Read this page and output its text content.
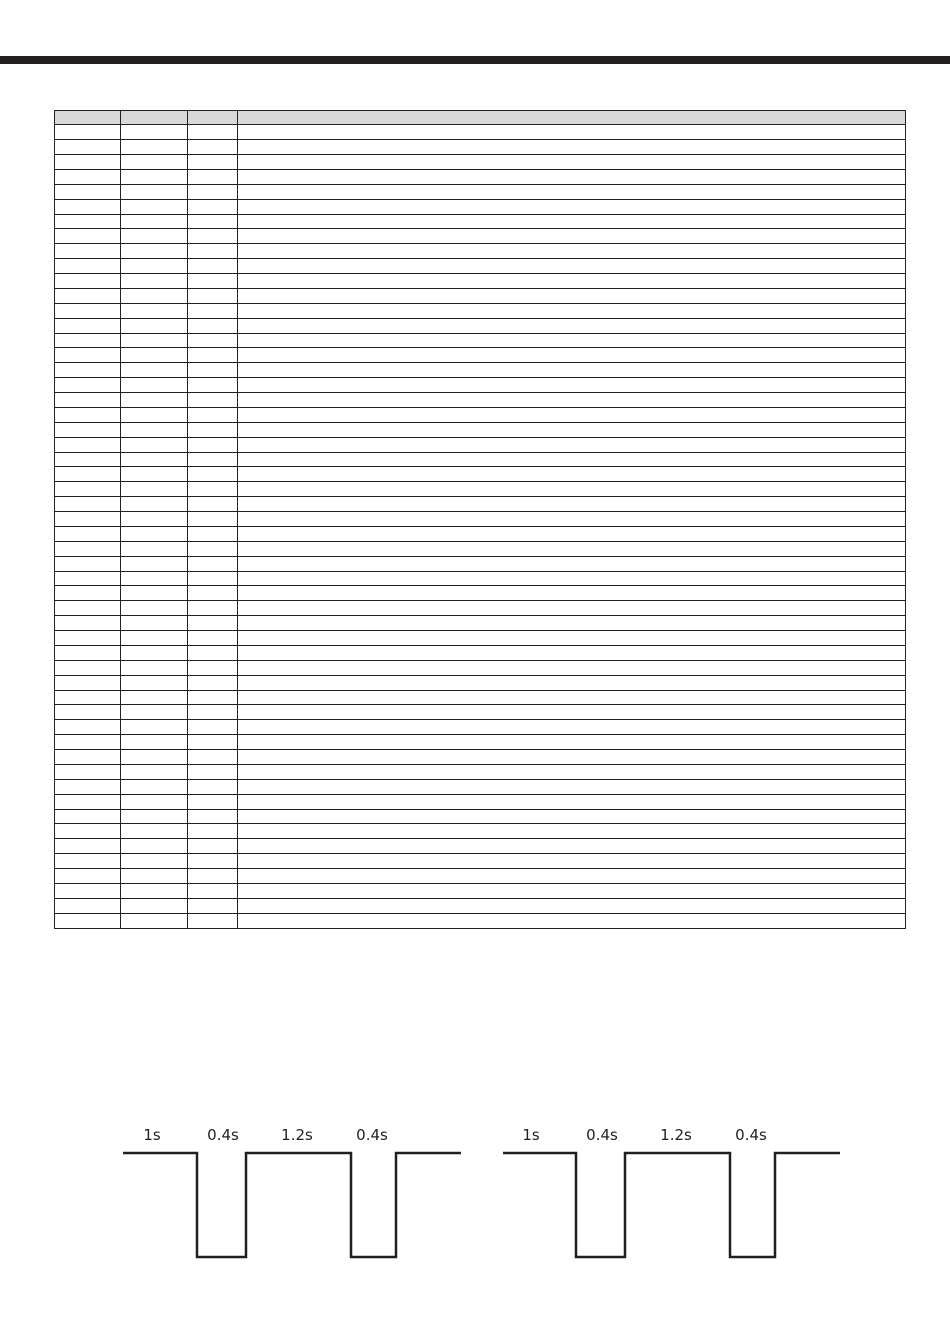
1s	0.4s	1.2s	0.4s	1s	0.4s	1.2s	0.4s
